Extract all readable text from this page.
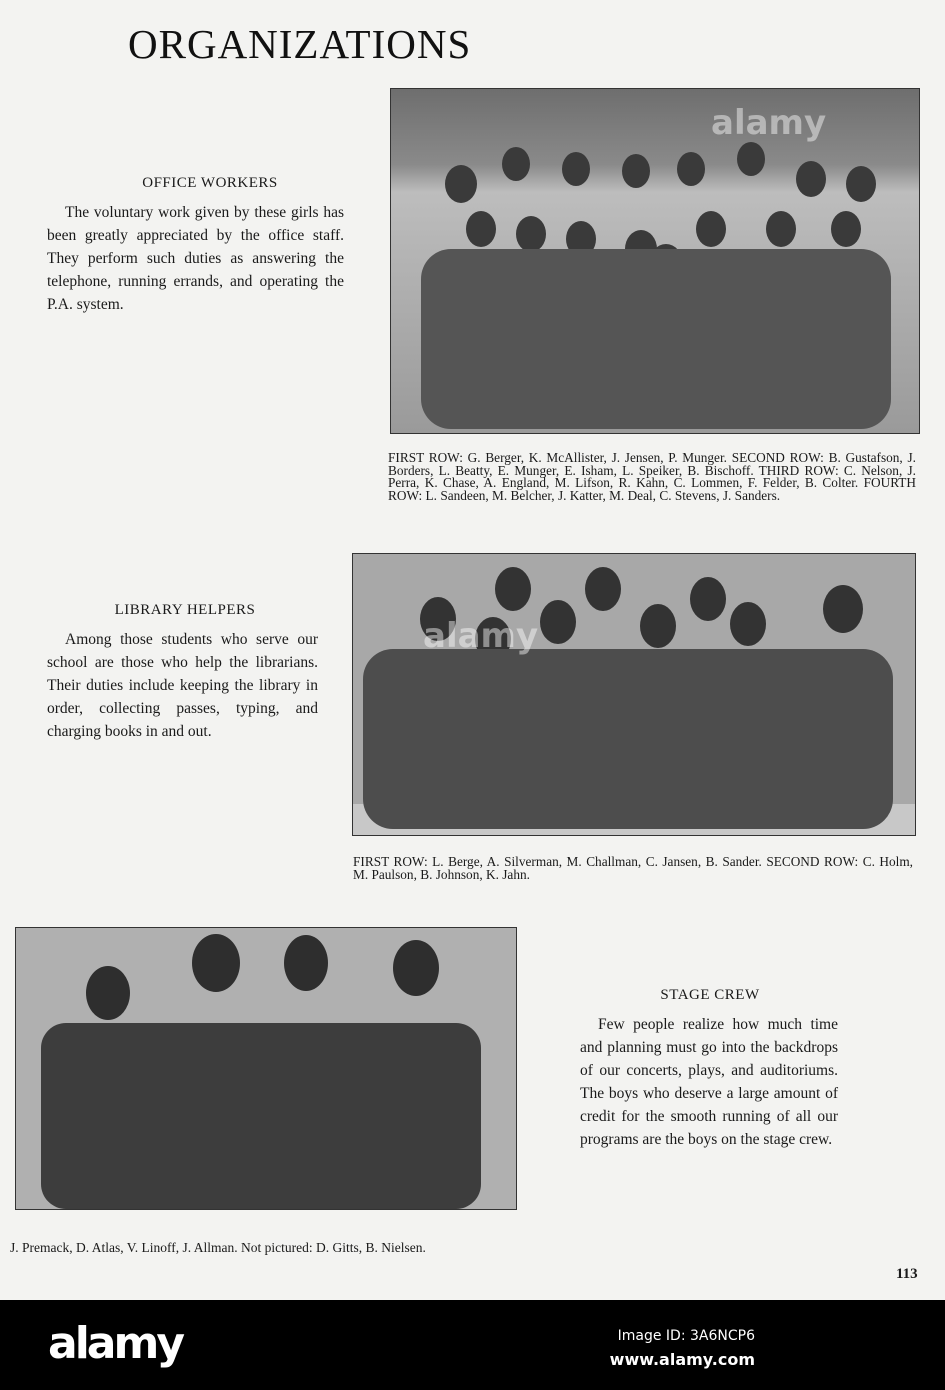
ORGANIZATIONS
alamy
OFFICE WORKERS
The voluntary work given by these girls has been greatly appreciated by the office staff. They perform such duties as answering the telephone, running errands, and operating the P.A. system.
FIRST ROW: G. Berger, K. McAllister, J. Jensen, P. Munger. SECOND ROW: B. Gustafson, J. Borders, L. Beatty, E. Munger, E. Isham, L. Speiker, B. Bischoff. THIRD ROW: C. Nelson, J. Perra, K. Chase, A. England, M. Lifson, R. Kahn, C. Lommen, F. Felder, B. Colter. FOURTH ROW: L. Sandeen, M. Belcher, J. Katter, M. Deal, C. Stevens, J. Sanders.
alamy
LIBRARY HELPERS
Among those students who serve our school are those who help the librarians. Their duties include keeping the library in order, collecting passes, typing, and charging books in and out.
FIRST ROW: L. Berge, A. Silverman, M. Challman, C. Jansen, B. Sander. SECOND ROW: C. Holm, M. Paulson, B. Johnson, K. Jahn.
STAGE CREW
Few people realize how much time and planning must go into the backdrops of our concerts, plays, and auditoriums. The boys who deserve a large amount of credit for the smooth running of all our programs are the boys on the stage crew.
J. Premack, D. Atlas, V. Linoff, J. Allman. Not pictured: D. Gitts, B. Nielsen.
113
alamy	Image ID: 3A6NCP6
www.alamy.com
